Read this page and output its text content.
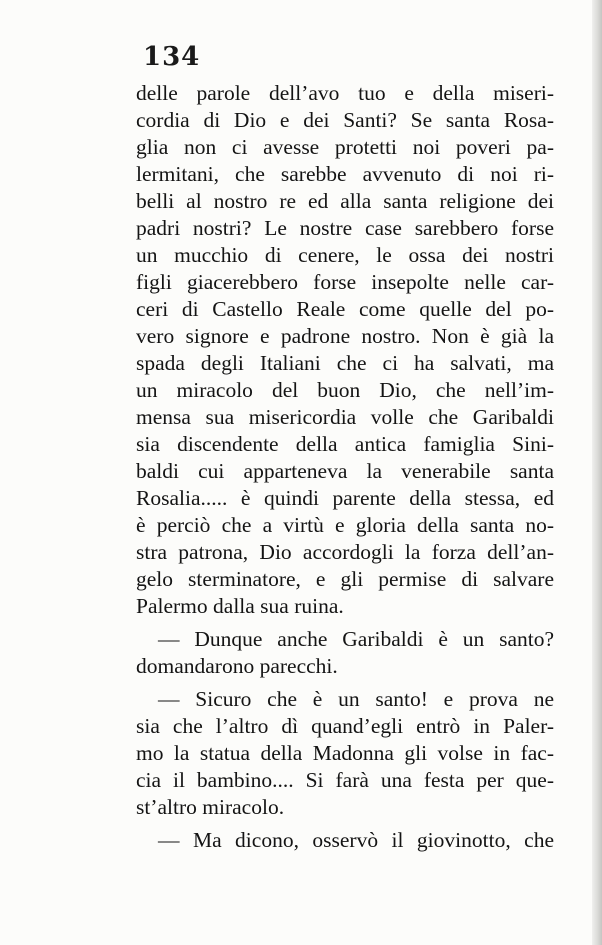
134
delle parole dell’avo tuo e della miseri-
cordia di Dio e dei Santi? Se santa Rosa-
glia non ci avesse protetti noi poveri pa-
lermitani, che sarebbe avvenuto di noi ri-
belli al nostro re ed alla santa religione dei
padri nostri? Le nostre case sarebbero forse
un mucchio di cenere, le ossa dei nostri
figli giacerebbero forse insepolte nelle car-
ceri di Castello Reale come quelle del po-
vero signore e padrone nostro. Non è già la
spada degli Italiani che ci ha salvati, ma
un miracolo del buon Dio, che nell’im-
mensa sua misericordia volle che Garibaldi
sia discendente della antica famiglia Sini-
baldi cui apparteneva la venerabile santa
Rosalia..... è quindi parente della stessa, ed
è perciò che a virtù e gloria della santa no-
stra patrona, Dio accordogli la forza dell’an-
gelo sterminatore, e gli permise di salvare
Palermo dalla sua ruina.
— Dunque anche Garibaldi è un santo?
domandarono parecchi.
— Sicuro che è un santo! e prova ne
sia che l’altro dì quand’egli entrò in Paler-
mo la statua della Madonna gli volse in fac-
cia il bambino.... Si farà una festa per que-
st’altro miracolo.
— Ma dicono, osservò il giovinotto, che
